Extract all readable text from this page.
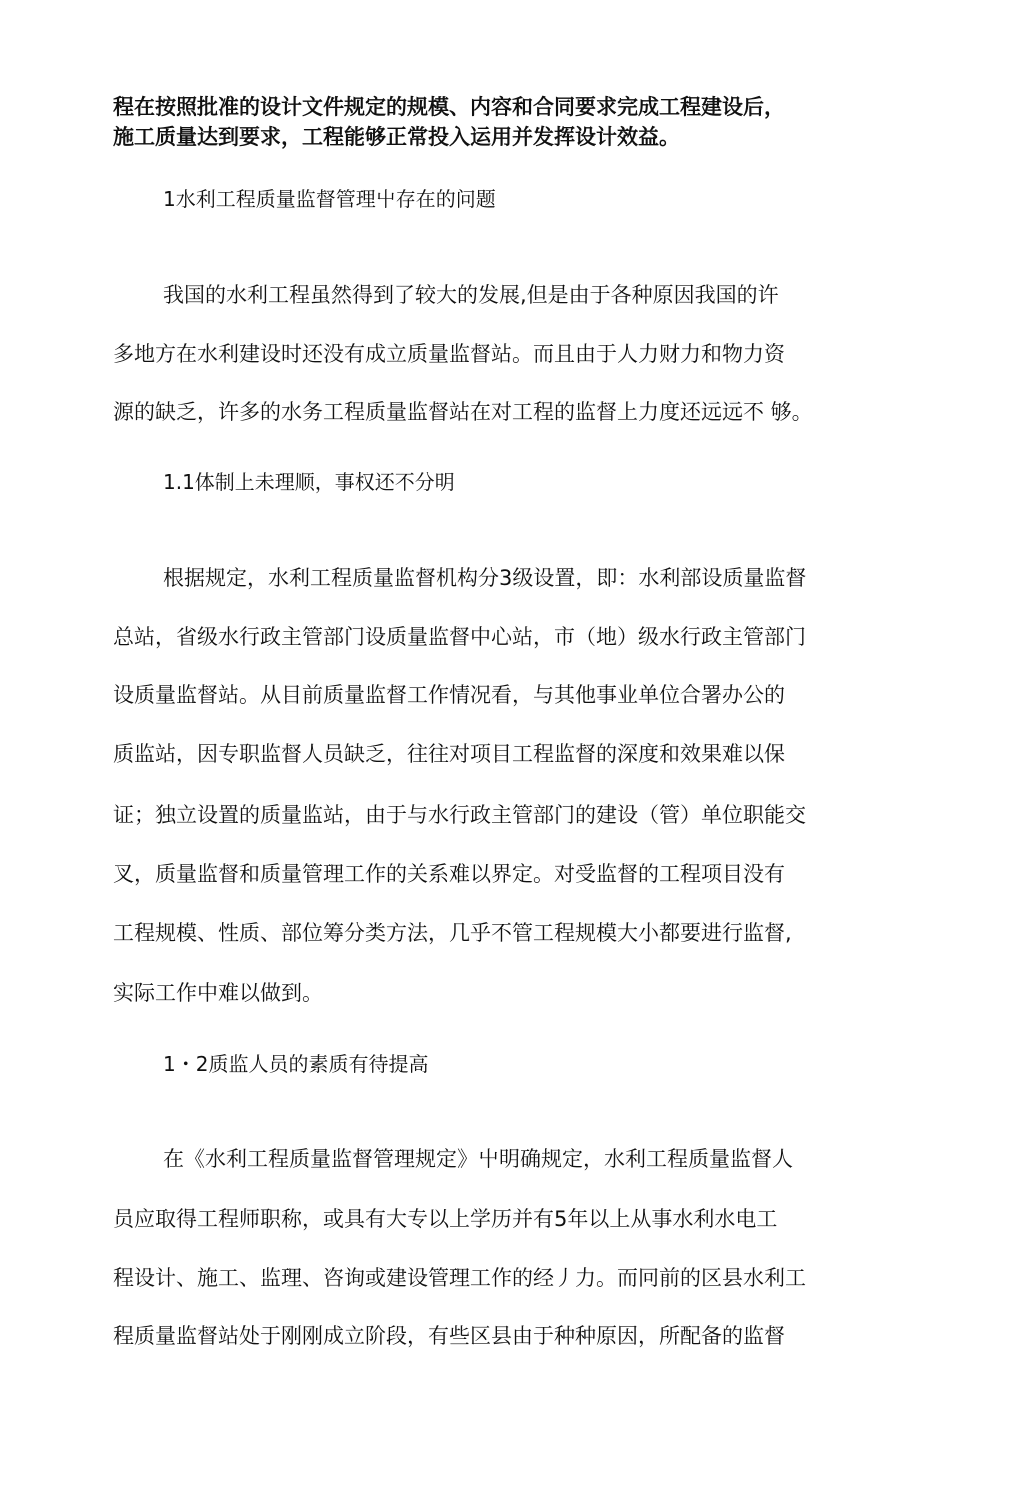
程在按照批准的设计文件规定的规模、内容和合同要求完成工程建设后，
施工质量达到要求，工程能够正常投入运用并发挥设计效益。
1水利工程质量监督管理屮存在的问题
我国的水利工程虽然得到了较大的发展,但是由于各种原因我国的许
多地方在水利建设时还没有成立质量监督站。而且由于人力财力和物力资
源的缺乏，许多的水务工程质量监督站在对工程的监督上力度还远远不 够。
1.1体制上未理顺，事权还不分明
根据规定，水利工程质量监督机构分3级设置，即：水利部设质量监督
总站，省级水行政主管部门设质量监督中心站，市（地）级水行政主管部门
设质量监督站。从目前质量监督工作情况看，与其他事业单位合署办公的
质监站，因专职监督人员缺乏，往往对项目工程监督的深度和效果难以保
证；独立设置的质量监站，由于与水行政主管部门的建设（管）单位职能交
叉，质量监督和质量管理工作的关系难以界定。对受监督的工程项目没有
工程规模、性质、部位筹分类方法，几乎不管工程规模大小都要进行监督,
实际工作中难以做到。
1・2质监人员的素质有待提高
在《水利工程质量监督管理规定》屮明确规定，水利工程质量监督人
员应取得工程师职称，或具有大专以上学历并有5年以上从事水利水电工
程设计、施工、监理、咨询或建设管理工作的经丿力。而冋前的区县水利工
程质量监督站处于刚刚成立阶段，有些区县由于种种原因，所配备的监督
